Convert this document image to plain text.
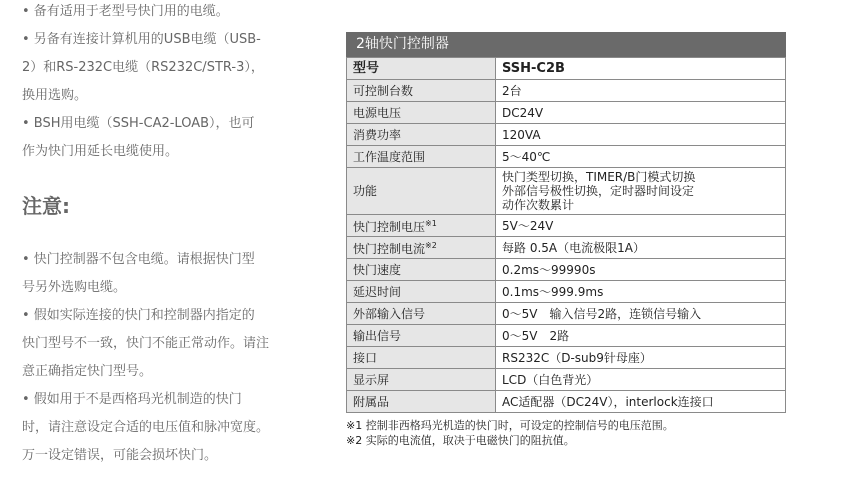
• 备有适用于老型号快门用的电缆。

• 另备有连接计算机用的USB电缆（USB-

2）和RS-232C电缆（RS232C/STR-3），

换用选购。

• BSH用电缆（SSH-CA2-LOAB），也可

作为快门用延长电缆使用。

注意:

• 快门控制器不包含电缆。请根据快门型

号另外选购电缆。

• 假如实际连接的快门和控制器内指定的

快门型号不一致，快门不能正常动作。请注

意正确指定快门型号。

• 假如用于不是西格玛光机制造的快门

时，请注意设定合适的电压值和脉冲宽度。

万一设定错误，可能会损坏快门。

2轴快门控制器
型号	SSH-C2B
可控制台数	2台
电源电压	DC24V
消费功率	120VA
工作温度范围	5～40℃
功能	快门类型切换，TIMER/B门模式切换
外部信号极性切换，定时器时间设定
动作次数累计

快门控制电压$^{※1}$	5V～24V
快门控制电流$^{※2}$	每路 0.5A（电流极限1A）
快门速度	0.2ms～99990s
延迟时间	0.1ms～999.9ms
外部输入信号	0～5V　输入信号2路，连锁信号输入
输出信号	0～5V　2路
接口	RS232C（D-sub9针母座）
显示屏	LCD（白色背光）
附属品	AC适配器（DC24V），interlock连接口
※1 控制非西格玛光机造的快门时，可设定的控制信号的电压范围。
※2 实际的电流值，取决于电磁快门的阻抗值。
